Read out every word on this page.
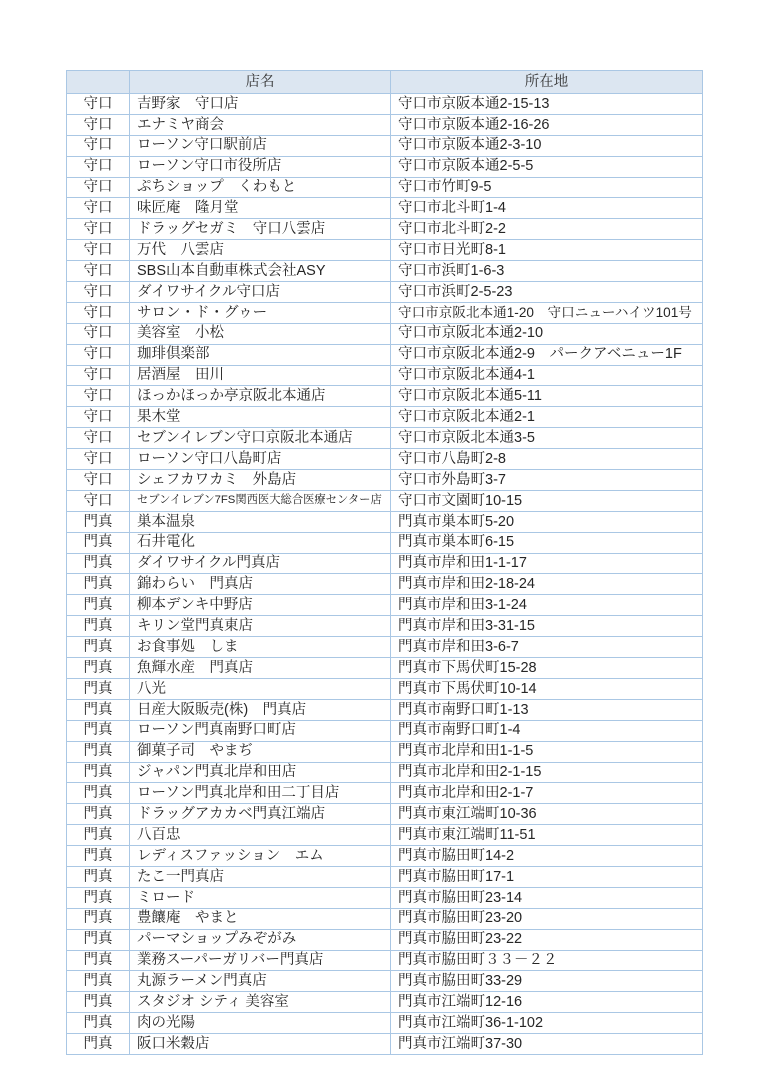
	店名	所在地
守口	吉野家　守口店	守口市京阪本通2-15-13
守口	エナミヤ商会	守口市京阪本通2-16-26
守口	ローソン守口駅前店	守口市京阪本通2-3-10
守口	ローソン守口市役所店	守口市京阪本通2-5-5
守口	ぷちショップ　くわもと	守口市竹町9-5
守口	味匠庵　隆月堂	守口市北斗町1-4
守口	ドラッグセガミ　守口八雲店	守口市北斗町2-2
守口	万代　八雲店	守口市日光町8-1
守口	SBS山本自動車株式会社ASY	守口市浜町1-6-3
守口	ダイワサイクル守口店	守口市浜町2-5-23
守口	サロン・ド・グゥー	守口市京阪北本通1-20　守口ニューハイツ101号
守口	美容室　小松	守口市京阪北本通2-10
守口	珈琲倶楽部	守口市京阪北本通2-9　パークアベニュー1F
守口	居酒屋　田川	守口市京阪北本通4-1
守口	ほっかほっか亭京阪北本通店	守口市京阪北本通5-11
守口	果木堂	守口市京阪北本通2-1
守口	セブンイレブン守口京阪北本通店	守口市京阪北本通3-5
守口	ローソン守口八島町店	守口市八島町2-8
守口	シェフカワカミ　外島店	守口市外島町3-7
守口	セブンイレブン7FS関西医大総合医療センター店	守口市文園町10-15
門真	巣本温泉	門真市巣本町5-20
門真	石井電化	門真市巣本町6-15
門真	ダイワサイクル門真店	門真市岸和田1-1-17
門真	錦わらい　門真店	門真市岸和田2-18-24
門真	柳本デンキ中野店	門真市岸和田3-1-24
門真	キリン堂門真東店	門真市岸和田3-31-15
門真	お食事処　しま	門真市岸和田3-6-7
門真	魚輝水産　門真店	門真市下馬伏町15-28
門真	八光	門真市下馬伏町10-14
門真	日産大阪販売(株)　門真店	門真市南野口町1-13
門真	ローソン門真南野口町店	門真市南野口町1-4
門真	御菓子司　やまぢ	門真市北岸和田1-1-5
門真	ジャパン門真北岸和田店	門真市北岸和田2-1-15
門真	ローソン門真北岸和田二丁目店	門真市北岸和田2-1-7
門真	ドラッグアカカベ門真江端店	門真市東江端町10-36
門真	八百忠	門真市東江端町11-51
門真	レディスファッション　エム	門真市脇田町14-2
門真	たこ一門真店	門真市脇田町17-1
門真	ミロード	門真市脇田町23-14
門真	豊饟庵　やまと	門真市脇田町23-20
門真	パーマショップみぞがみ	門真市脇田町23-22
門真	業務スーパーガリバー門真店	門真市脇田町３３－２２
門真	丸源ラーメン門真店	門真市脇田町33-29
門真	スタジオ シティ 美容室	門真市江端町12-16
門真	肉の光陽	門真市江端町36-1-102
門真	阪口米穀店	門真市江端町37-30
